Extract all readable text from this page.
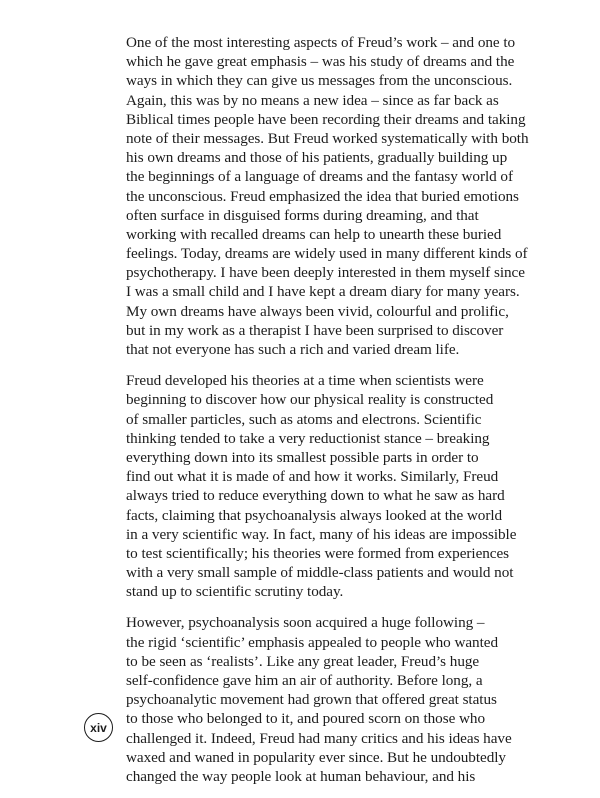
One of the most interesting aspects of Freud’s work – and one to
which he gave great emphasis – was his study of dreams and the
ways in which they can give us messages from the unconscious.
Again, this was by no means a new idea – since as far back as
Biblical times people have been recording their dreams and taking
note of their messages. But Freud worked systematically with both
his own dreams and those of his patients, gradually building up
the beginnings of a language of dreams and the fantasy world of
the unconscious. Freud emphasized the idea that buried emotions
often surface in disguised forms during dreaming, and that
working with recalled dreams can help to unearth these buried
feelings. Today, dreams are widely used in many different kinds of
psychotherapy. I have been deeply interested in them myself since
I was a small child and I have kept a dream diary for many years.
My own dreams have always been vivid, colourful and prolific,
but in my work as a therapist I have been surprised to discover
that not everyone has such a rich and varied dream life.

Freud developed his theories at a time when scientists were
beginning to discover how our physical reality is constructed
of smaller particles, such as atoms and electrons. Scientific
thinking tended to take a very reductionist stance – breaking
everything down into its smallest possible parts in order to
find out what it is made of and how it works. Similarly, Freud
always tried to reduce everything down to what he saw as hard
facts, claiming that psychoanalysis always looked at the world
in a very scientific way. In fact, many of his ideas are impossible
to test scientifically; his theories were formed from experiences
with a very small sample of middle-class patients and would not
stand up to scientific scrutiny today.

However, psychoanalysis soon acquired a huge following –
the rigid ‘scientific’ emphasis appealed to people who wanted
to be seen as ‘realists’. Like any great leader, Freud’s huge
self-confidence gave him an air of authority. Before long, a
psychoanalytic movement had grown that offered great status
to those who belonged to it, and poured scorn on those who
challenged it. Indeed, Freud had many critics and his ideas have
waxed and waned in popularity ever since. But he undoubtedly
changed the way people look at human behaviour, and his

xiv
